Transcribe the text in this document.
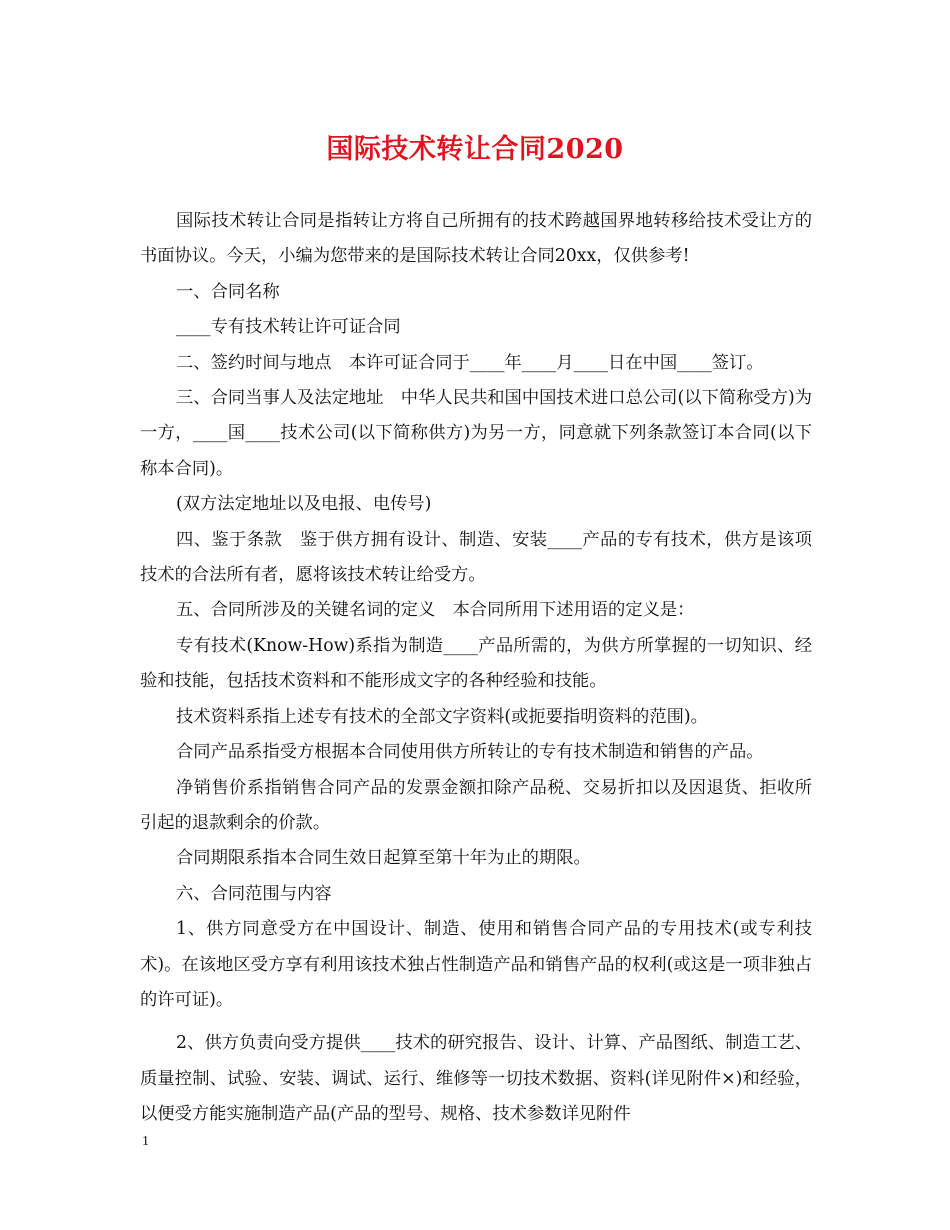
国际技术转让合同2020

国际技术转让合同是指转让方将自己所拥有的技术跨越国界地转移给技术受让方的书面协议。今天，小编为您带来的是国际技术转让合同20xx，仅供参考!

一、合同名称

____专有技术转让许可证合同

二、签约时间与地点　本许可证合同于____年____月____日在中国____签订。

三、合同当事人及法定地址　中华人民共和国中国技术进口总公司(以下简称受方)为一方，____国____技术公司(以下简称供方)为另一方，同意就下列条款签订本合同(以下称本合同)。

(双方法定地址以及电报、电传号)

四、鉴于条款　鉴于供方拥有设计、制造、安装____产品的专有技术，供方是该项技术的合法所有者，愿将该技术转让给受方。

五、合同所涉及的关键名词的定义　本合同所用下述用语的定义是：

专有技术(Know-How)系指为制造____产品所需的，为供方所掌握的一切知识、经验和技能，包括技术资料和不能形成文字的各种经验和技能。

技术资料系指上述专有技术的全部文字资料(或扼要指明资料的范围)。

合同产品系指受方根据本合同使用供方所转让的专有技术制造和销售的产品。

净销售价系指销售合同产品的发票金额扣除产品税、交易折扣以及因退货、拒收所引起的退款剩余的价款。

合同期限系指本合同生效日起算至第十年为止的期限。

六、合同范围与内容

1、供方同意受方在中国设计、制造、使用和销售合同产品的专用技术(或专利技术)。在该地区受方享有利用该技术独占性制造产品和销售产品的权利(或这是一项非独占的许可证)。

2、供方负责向受方提供____技术的研究报告、设计、计算、产品图纸、制造工艺、质量控制、试验、安装、调试、运行、维修等一切技术数据、资料(详见附件×)和经验，以便受方能实施制造产品(产品的型号、规格、技术参数详见附件

1
